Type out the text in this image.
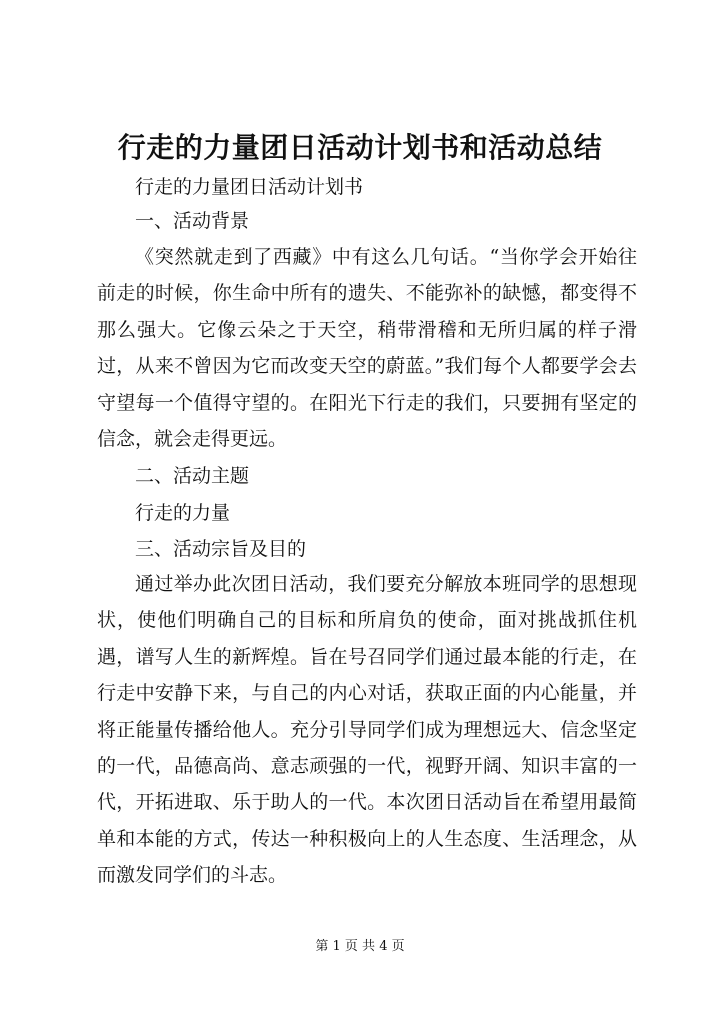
行走的力量团日活动计划书和活动总结
行走的力量团日活动计划书
一、活动背景
《突然就走到了西藏》中有这么几句话。“当你学会开始往前走的时候，你生命中所有的遗失、不能弥补的缺憾，都变得不那么强大。它像云朵之于天空，稍带滑稽和无所归属的样子滑过，从来不曾因为它而改变天空的蔚蓝。”我们每个人都要学会去守望每一个值得守望的。在阳光下行走的我们，只要拥有坚定的信念，就会走得更远。
二、活动主题
行走的力量
三、活动宗旨及目的
通过举办此次团日活动，我们要充分解放本班同学的思想现状，使他们明确自己的目标和所肩负的使命，面对挑战抓住机遇，谱写人生的新辉煌。旨在号召同学们通过最本能的行走，在行走中安静下来，与自己的内心对话，获取正面的内心能量，并将正能量传播给他人。充分引导同学们成为理想远大、信念坚定的一代，品德高尚、意志顽强的一代，视野开阔、知识丰富的一代，开拓进取、乐于助人的一代。本次团日活动旨在希望用最简单和本能的方式，传达一种积极向上的人生态度、生活理念，从而激发同学们的斗志。
第 1 页 共 4 页
